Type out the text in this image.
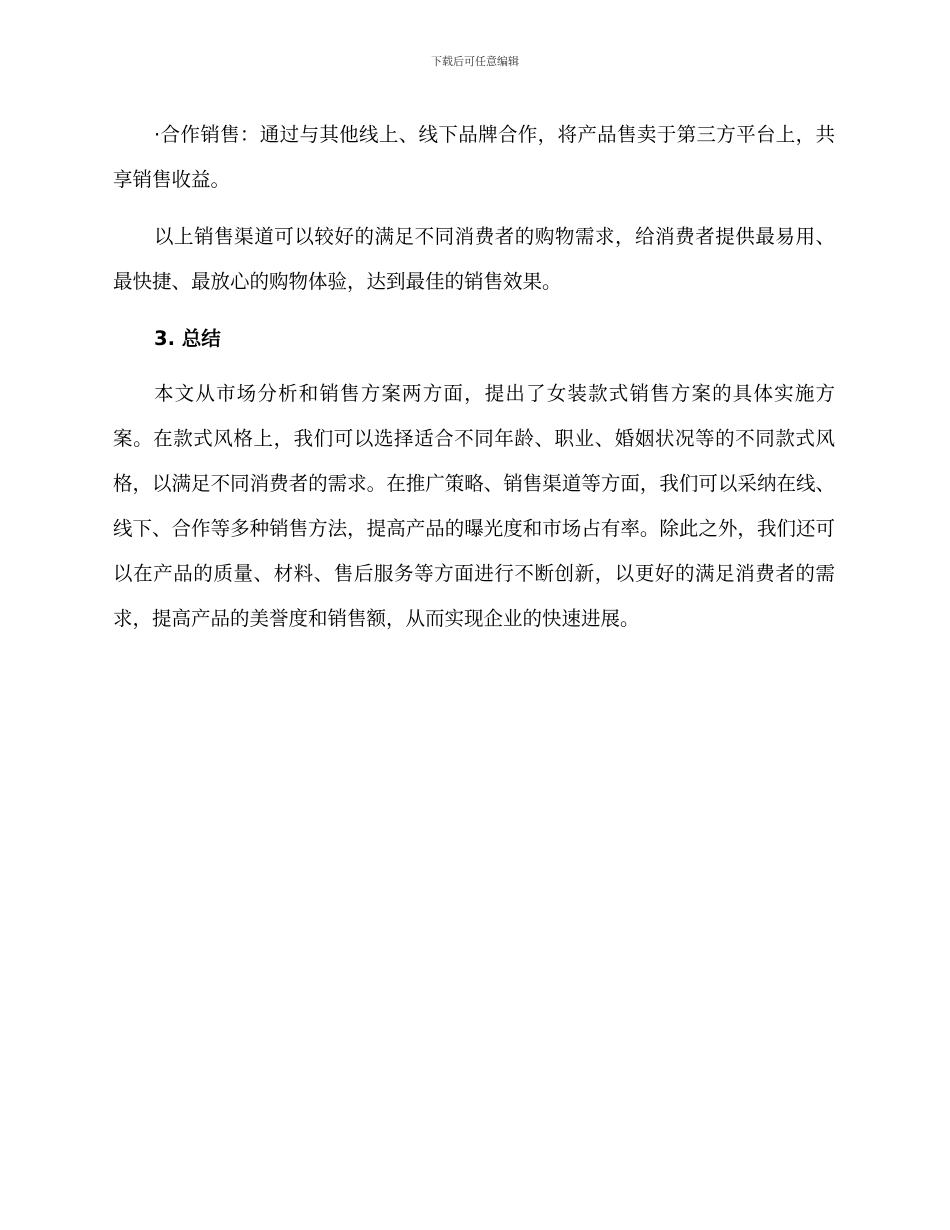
下载后可任意编辑

·合作销售：通过与其他线上、线下品牌合作，将产品售卖于第三方平台上，共享销售收益。

以上销售渠道可以较好的满足不同消费者的购物需求，给消费者提供最易用、最快捷、最放心的购物体验，达到最佳的销售效果。

3. 总结

本文从市场分析和销售方案两方面，提出了女装款式销售方案的具体实施方案。在款式风格上，我们可以选择适合不同年龄、职业、婚姻状况等的不同款式风格，以满足不同消费者的需求。在推广策略、销售渠道等方面，我们可以采纳在线、线下、合作等多种销售方法，提高产品的曝光度和市场占有率。除此之外，我们还可以在产品的质量、材料、售后服务等方面进行不断创新，以更好的满足消费者的需求，提高产品的美誉度和销售额，从而实现企业的快速进展。
